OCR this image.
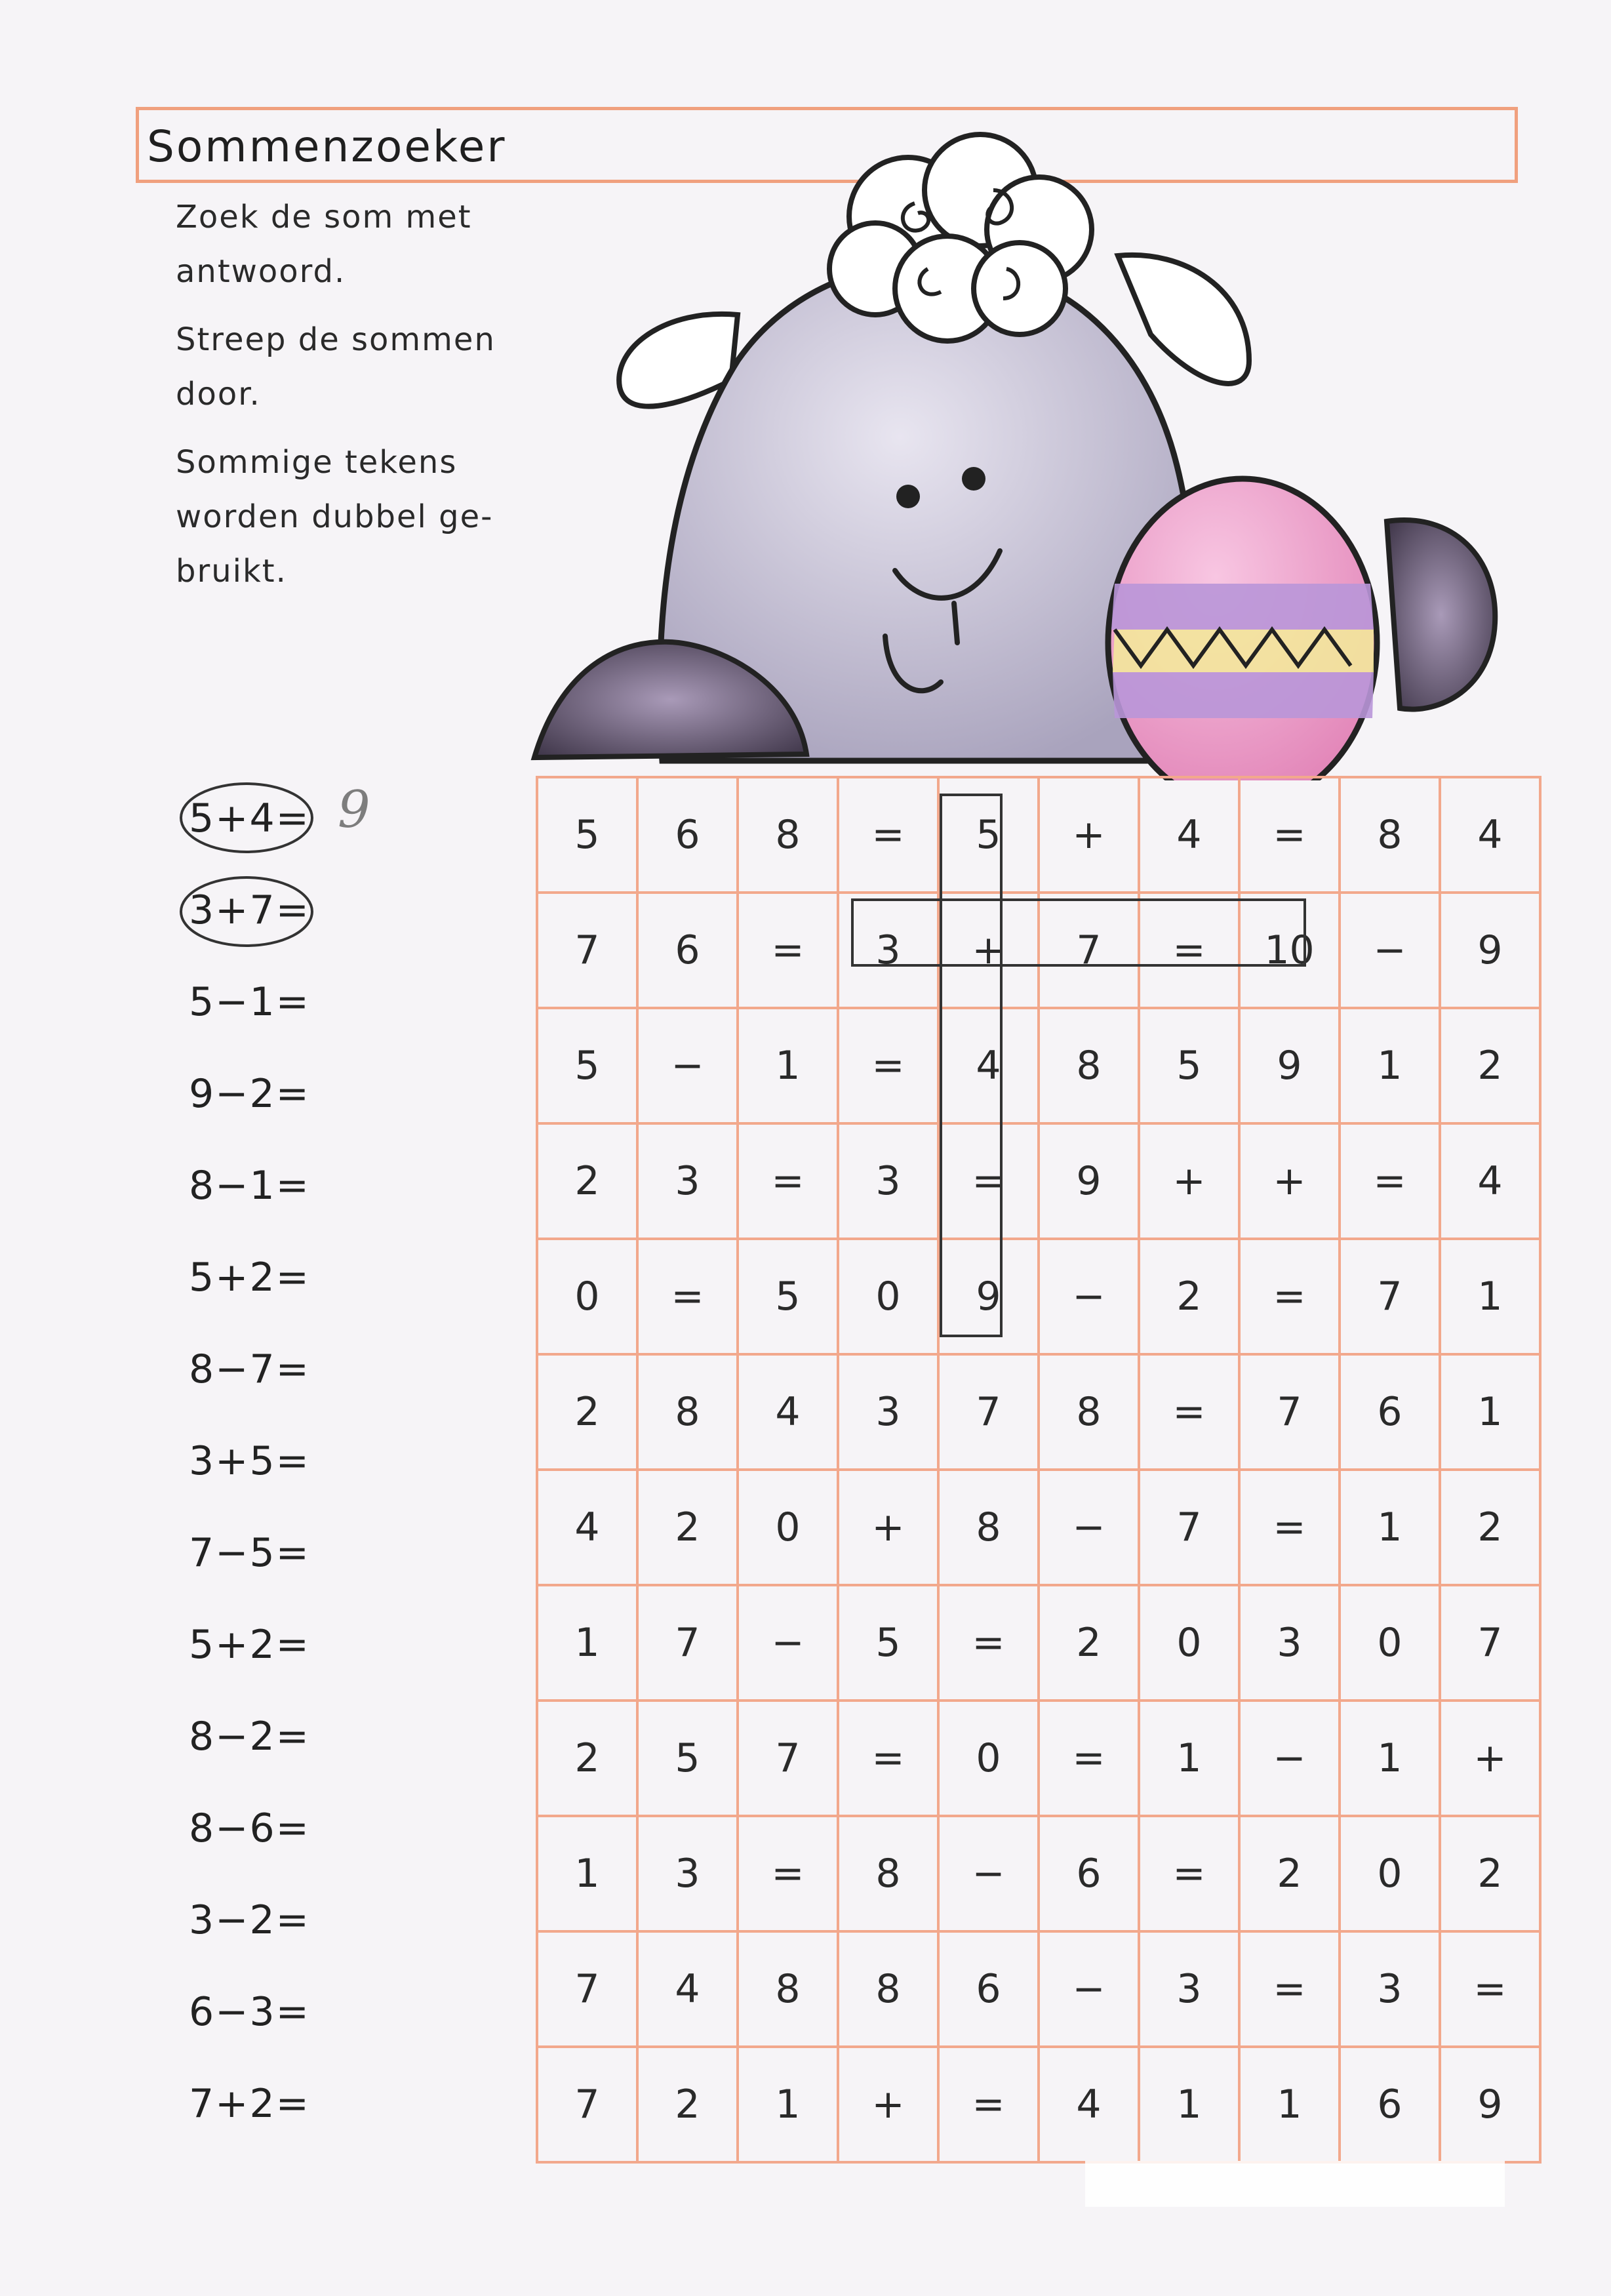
Sommenzoeker

Zoek de som met antwoord.

Streep de sommen door.

Sommige tekens worden dubbel ge- bruikt.

5	6	8	=	5	+	4	=	8	4
7	6	=	3	+	7	=	10	−	9
5	−	1	=	4	8	5	9	1	2
2	3	=	3	=	9	+	+	=	4
0	=	5	0	9	−	2	=	7	1
2	8	4	3	7	8	=	7	6	1
4	2	0	+	8	−	7	=	1	2
1	7	−	5	=	2	0	3	0	7
2	5	7	=	0	=	1	−	1	+
1	3	=	8	−	6	=	2	0	2
7	4	8	8	6	−	3	=	3	=
7	2	1	+	=	4	1	1	6	9
5+4=
3+7=
5−1=
9−2=
8−1=
5+2=
8−7=
3+5=
7−5=
5+2=
8−2=
8−6=
3−2=
6−3=
7+2=
9
